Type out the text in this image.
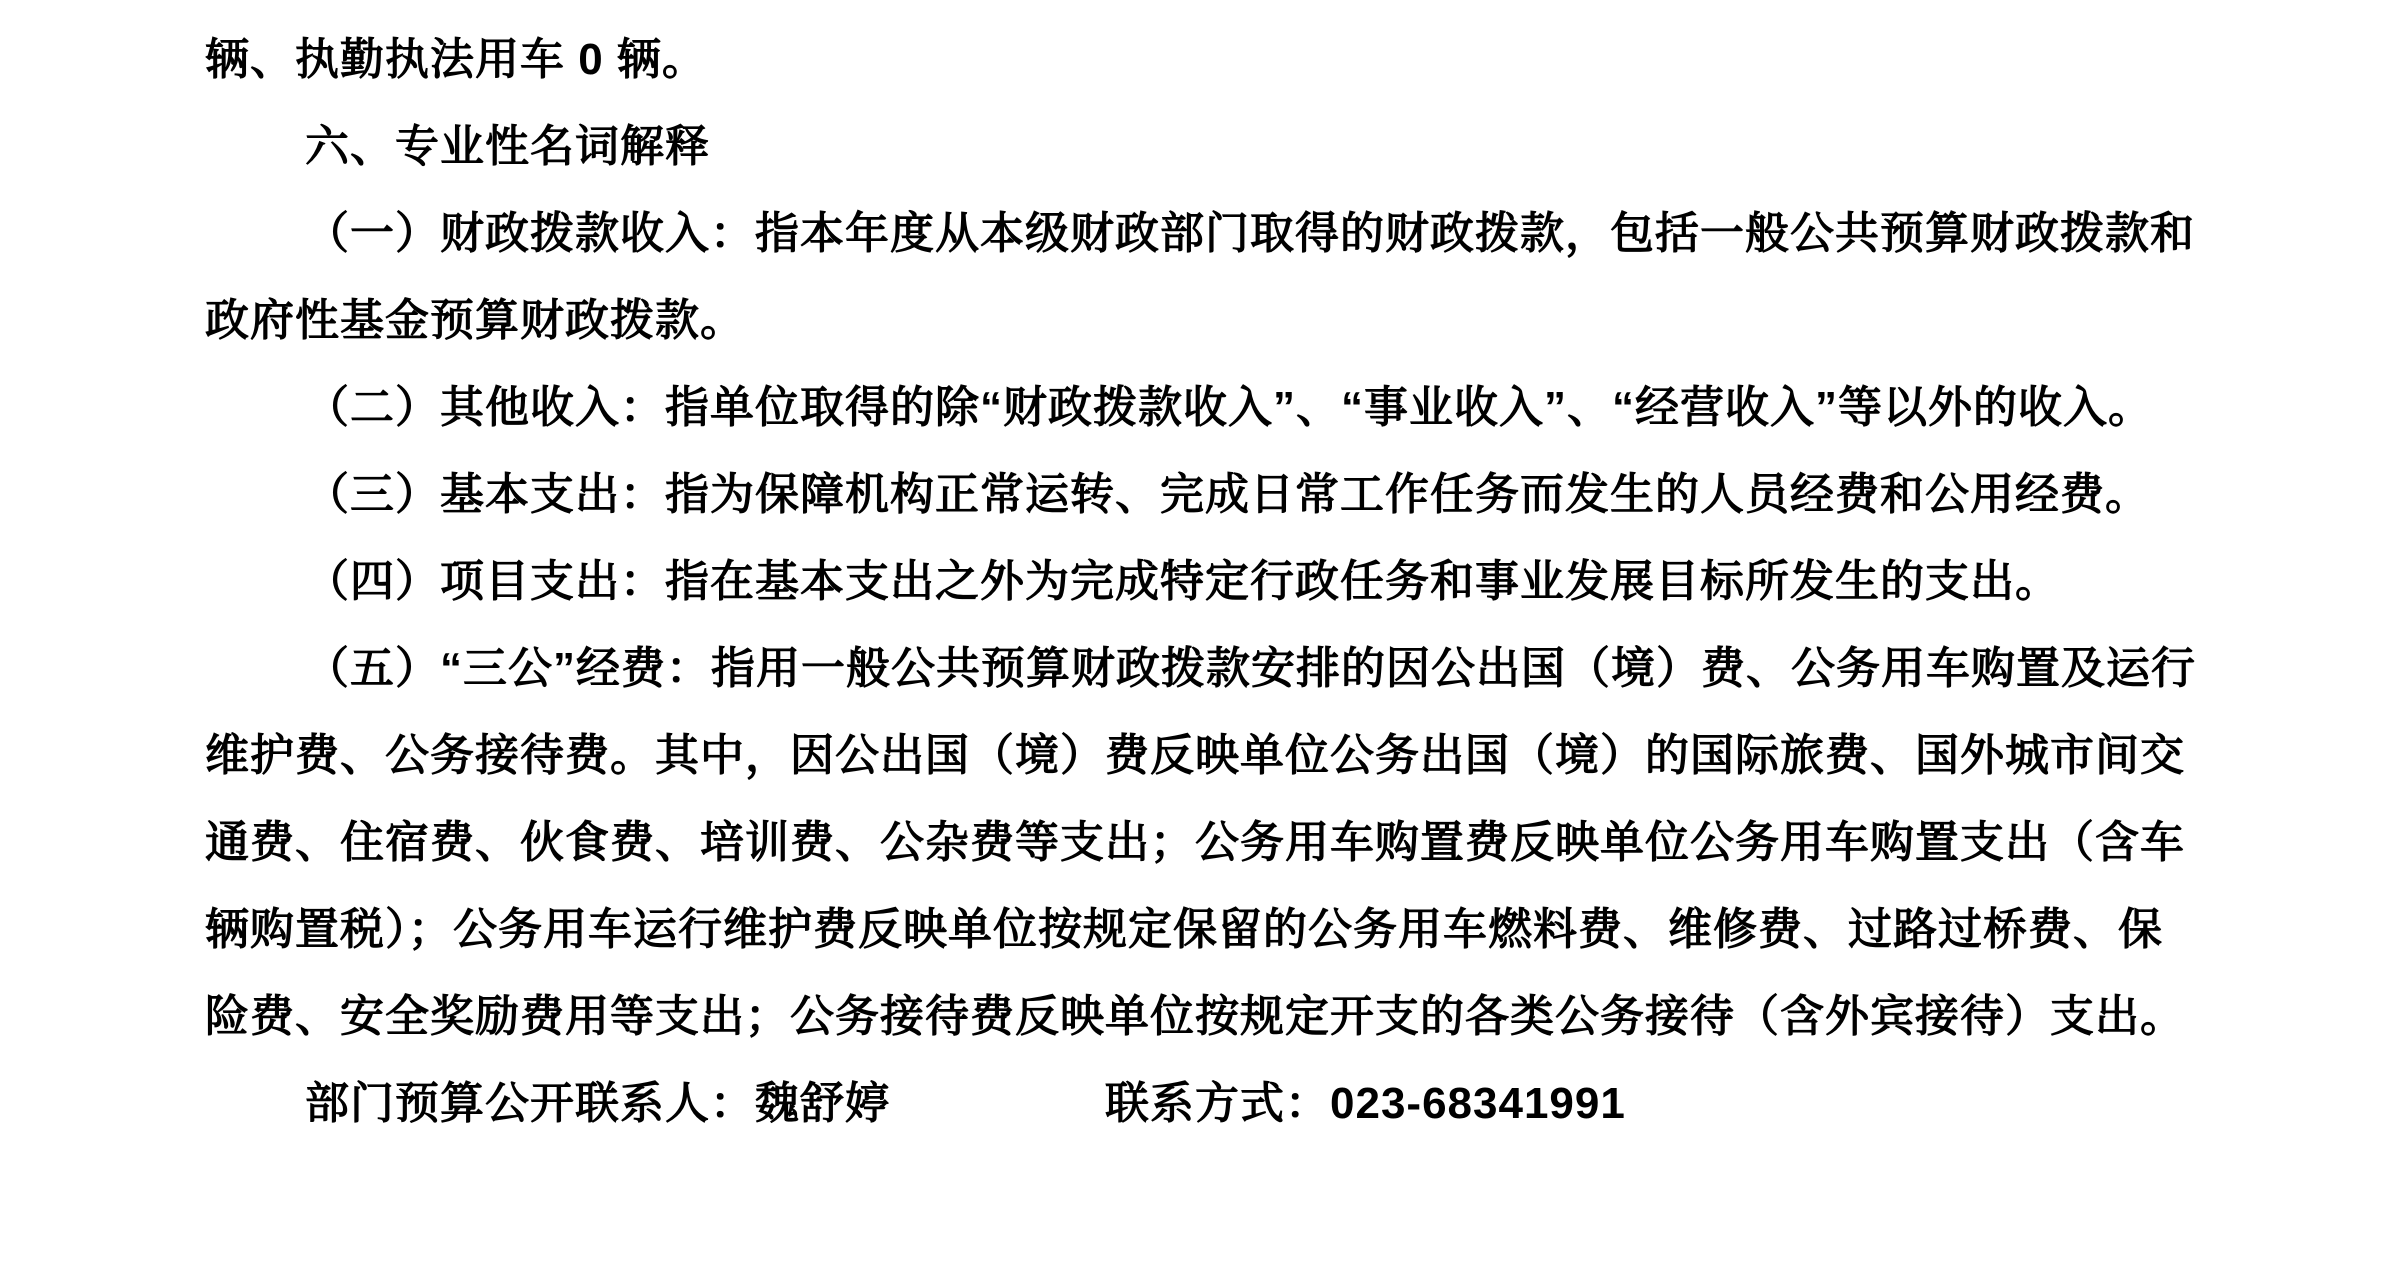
辆、执勤执法用车 0 辆。
六、专业性名词解释
（一）财政拨款收入：指本年度从本级财政部门取得的财政拨款，包括一般公共预算财政拨款和
政府性基金预算财政拨款。
（二）其他收入：指单位取得的除“财政拨款收入”、“事业收入”、“经营收入”等以外的收入。
（三）基本支出：指为保障机构正常运转、完成日常工作任务而发生的人员经费和公用经费。
（四）项目支出：指在基本支出之外为完成特定行政任务和事业发展目标所发生的支出。
（五）“三公”经费：指用一般公共预算财政拨款安排的因公出国（境）费、公务用车购置及运行
维护费、公务接待费。其中，因公出国（境）费反映单位公务出国（境）的国际旅费、国外城市间交
通费、住宿费、伙食费、培训费、公杂费等支出；公务用车购置费反映单位公务用车购置支出（含车
辆购置税）；公务用车运行维护费反映单位按规定保留的公务用车燃料费、维修费、过路过桥费、保
险费、安全奖励费用等支出；公务接待费反映单位按规定开支的各类公务接待（含外宾接待）支出。
部门预算公开联系人：魏舒婷	联系方式：023-68341991
